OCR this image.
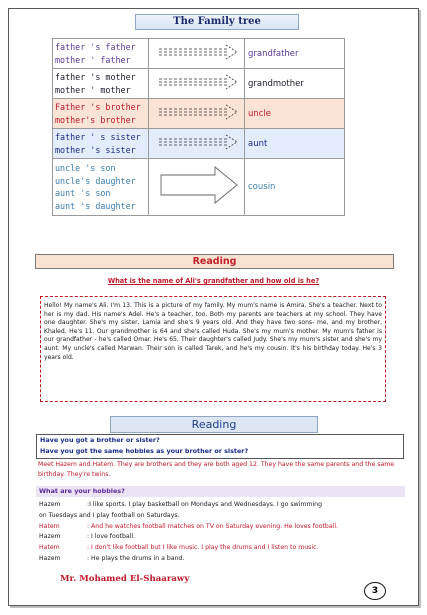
The Family tree
father 's father
mother ' father		grandfather

father 's mother
mother ' mother		grandmother

Father 's brother
mother's brother		uncle

father ' s sister
mother 's sister		aunt

uncle 's son
uncle's daughter
aunt 's son
aunt 's daughter		cousin
Reading
What is the name of Ali's grandfather and how old is he?
Hello! My name's Ali. I'm 13. This is a picture of my family. My mum's name is Amira. She's a teacher. Next to her is my dad. His name's Adel. He's a teacher, too. Both my parents are teachers at my school. They have one daughter. She's my sister, Lamia and she's 9 years old. And they have two sons- me, and my brother, Khaled. He's 11. Our grandmother is 64 and she's called Huda. She's my mum's mother. My mum's father is our grandfather - he's called Omar. He's 65. Their daughter's called Judy. She's my mum's sister and she's my aunt. My uncle's called Marwan. Their son is called Tarek, and he's my cousin. It's his birthday today. He's 3 years old.
Reading
Have you got a brother or sister?
Have you got the same hobbies as your brother or sister?
Meet Hazem and Hatem. They are brothers and they are both aged 12. They have the same parents and the same birthday. They're twins.
What are your hobbies?
Hazem	:I like sports. I play basketball on Mondays and Wednesdays. I go swimming
on Tuesdays and I play football on Saturdays.
Hatem	: And he watches football matches on TV on Saturday evening. He loves football.
Hazem	: I love football.
Hatem	: I don't like football but I like music. I play the drums and I listen to music.
Hazem	: He plays the drums in a band.
Mr. Mohamed El-Shaarawy
3
